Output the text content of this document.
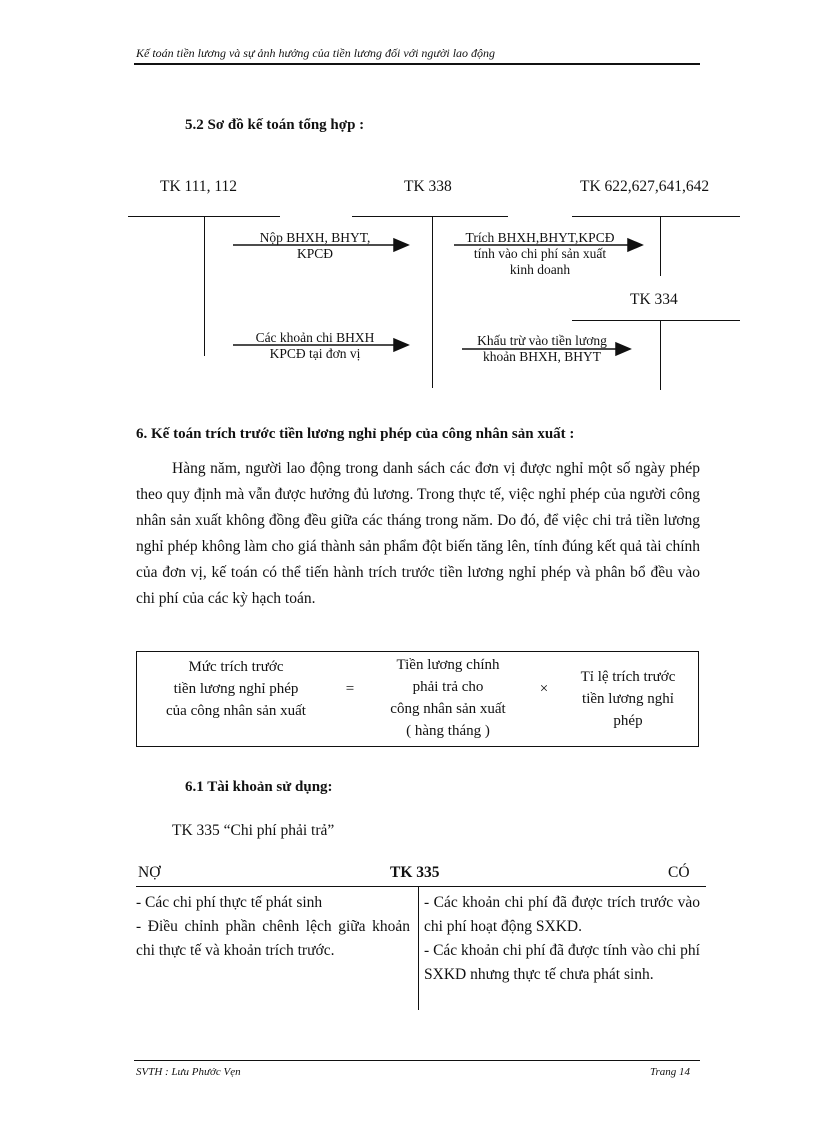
Kế toán tiền lương và sự ảnh hưởng của tiền lương đối với người lao động
5.2 Sơ đồ kế toán tổng hợp :
TK 111, 112	TK 338	TK 622,627,641,642
TK 334
Nộp BHXH, BHYT,
KPCĐ
Các khoản chi BHXH
KPCĐ tại đơn vị
Trích BHXH,BHYT,KPCĐ
tính vào chi phí sản xuất
kinh doanh
Khấu trừ vào tiền lương
khoản BHXH, BHYT
6. Kế toán trích trước tiền lương nghỉ phép của công nhân sản xuất :

Hàng năm, người lao động trong danh sách các đơn vị được nghỉ một số ngày phép theo quy định mà vẫn được hưởng đủ lương. Trong thực tế, việc nghỉ phép của người công nhân sản xuất không đồng đều giữa các tháng trong năm. Do đó, để việc chi trả tiền lương nghỉ phép không làm cho giá thành sản phẩm đột biến tăng lên, tính đúng kết quả tài chính của đơn vị, kế toán có thể tiến hành trích trước tiền lương nghỉ phép và phân bổ đều vào chi phí của các kỳ hạch toán.

Mức trích trước
tiền lương nghỉ phép
của công nhân sản xuất
=
Tiền lương chính
phải trả cho
công nhân sản xuất
( hàng tháng )
×
Tỉ lệ trích trước
tiền lương nghỉ
phép
6.1 Tài khoản sử dụng:
TK 335 “Chi phí phải trả”
NỢ	TK 335	CÓ
- Các chi phí thực tế phát sinh
- Điều chỉnh phần chênh lệch giữa khoản chi thực tế và khoản trích trước.
- Các khoản chi phí đã được trích trước vào chi phí hoạt động SXKD.
- Các khoản chi phí đã được tính vào chi phí SXKD nhưng thực tế chưa phát sinh.
SVTH : Lưu Phước Vẹn	Trang 14
